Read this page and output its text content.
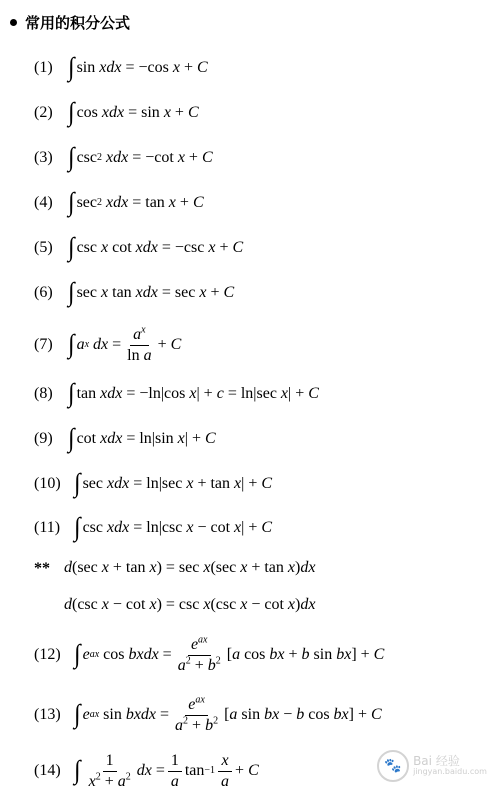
常用的积分公式
(1) ∫ sin xdx = −cos x + C
(2) ∫ cos xdx = sin x + C
(3) ∫ csc 2
xdx = −cot x + C
(4) ∫ sec 2
xdx = tan x + C
(5) ∫ csc x cot xdx = −csc x + C
(6) ∫ sec x tan xdx = sec x + C
(7) ∫ a x
dx = $\frac{a^x}{\text{ln a}} + C$
(8) ∫ tan xdx = −ln|cos x | + c = ln|sec x | + C
(9) ∫ cot xdx = ln|sin x | + C
(10) ∫ sec xdx = ln|sec x + tan x | + C
(11) ∫ csc xdx = ln|csc x − cot x | + C
** d (sec x + tan x ) = sec x (sec x + tan x ) dx
d (csc x − cot x ) = csc x (csc x − cot x ) dx
(12) ∫ e ax cos bxdx = $\frac{e^{ax}}{a^2 + b^2}$ [ a cos bx + b sin bx ] + C
(13) ∫ e ax sin bxdx = $\frac{e^{ax}}{a^2 + b^2}$ [ a sin bx − b cos bx ] + C
(14) ∫ $\frac{1}{x^2 + a^2}$ dx = $\frac{1}{a}$ $\tan -1 \frac{x}{a} + C$	🐾 Bai 经验
jingyan.baidu.com
